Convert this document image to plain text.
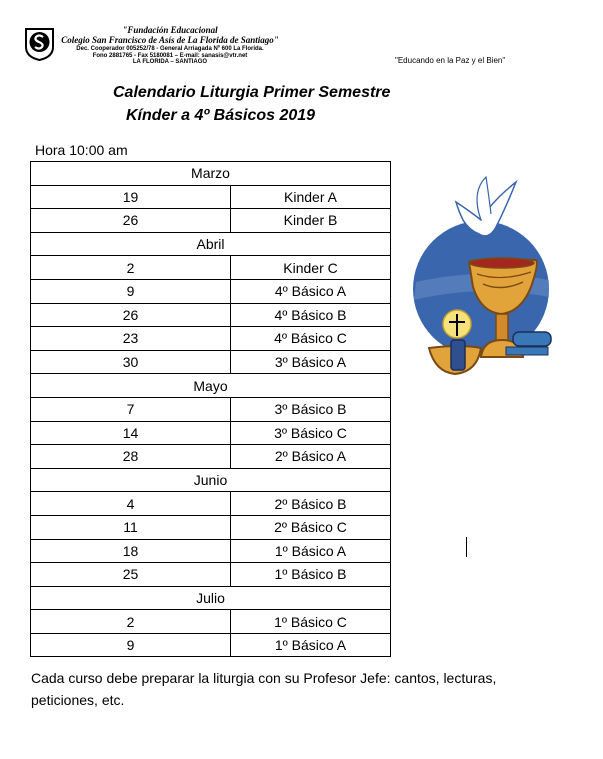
"Fundación Educacional
Colegio San Francisco de Asís de La Florida de Santiago"
Dec. Cooperador 005252/78 - General Arriagada Nº 600 La Florida.
Fono 2881765 - Fax 5180081 – E-mail: sanasis@vtr.net
LA FLORIDA – SANTIAGO	"Educando en la Paz y el Bien"
Calendario Liturgia Primer Semestre
Kínder a 4º Básicos 2019
Hora 10:00 am
Marzo	
19	Kinder A
26	Kinder B
Abril	
2	Kinder C
9	4º Básico A
26	4º Básico B
23	4º Básico C
30	3º Básico A
Mayo	
7	3º Básico B
14	3º Básico C
28	2º Básico A
Junio	
4	2º Básico B
11	2º Básico C
18	1º Básico A
25	1º Básico B
Julio	
2	1º Básico C
9	1º Básico A
Cada curso debe preparar la liturgia con su Profesor Jefe: cantos, lecturas, peticiones, etc.
